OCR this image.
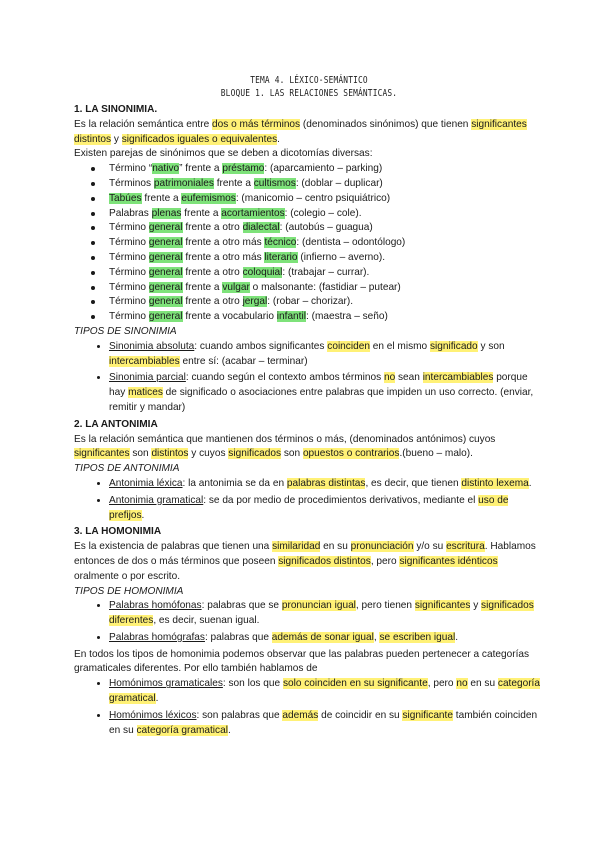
TEMA 4. LÉXICO-SEMÁNTICO
BLOQUE 1. LAS RELACIONES SEMÁNTICAS.

1. LA SINONIMIA.

Es la relación semántica entre dos o más términos (denominados sinónimos) que tienen significantes distintos y significados iguales o equivalentes.

Existen parejas de sinónimos que se deben a dicotomías diversas:

Término “nativo” frente a préstamo: (aparcamiento – parking)
Términos patrimoniales frente a cultismos: (doblar – duplicar)
Tabúes frente a eufemismos: (manicomio – centro psiquiátrico)
Palabras plenas frente a acortamientos: (colegio – cole).
Término general frente a otro dialectal: (autobús – guagua)
Término general frente a otro más técnico: (dentista – odontólogo)
Término general frente a otro más literario (infierno – averno).
Término general frente a otro coloquial: (trabajar – currar).
Término general frente a vulgar o malsonante: (fastidiar – putear)
Término general frente a otro jergal: (robar – chorizar).
Término general frente a vocabulario infantil: (maestra – seño)

TIPOS DE SINONIMIA

• Sinonimia absoluta: cuando ambos significantes coinciden en el mismo significado y son intercambiables entre sí: (acabar – terminar)
• Sinonimia parcial: cuando según el contexto ambos términos no sean intercambiables porque hay matices de significado o asociaciones entre palabras que impiden un uso correcto. (enviar, remitir y mandar)

2. LA ANTONIMIA

Es la relación semántica que mantienen dos términos o más, (denominados antónimos) cuyos significantes son distintos y cuyos significados son opuestos o contrarios.(bueno – malo).

TIPOS DE ANTONIMIA

• Antonimia léxica: la antonimia se da en palabras distintas, es decir, que tienen distinto lexema.
• Antonimia gramatical: se da por medio de procedimientos derivativos, mediante el uso de prefijos.

3. LA HOMONIMIA

Es la existencia de palabras que tienen una similaridad en su pronunciación y/o su escritura. Hablamos entonces de dos o más términos que poseen significados distintos, pero significantes idénticos oralmente o por escrito.

TIPOS DE HOMONIMIA

• Palabras homófonas: palabras que se pronuncian igual, pero tienen significantes y significados diferentes, es decir, suenan igual.
• Palabras homógrafas: palabras que además de sonar igual, se escriben igual.

En todos los tipos de homonimia podemos observar que las palabras pueden pertenecer a categorías gramaticales diferentes. Por ello también hablamos de

• Homónimos gramaticales: son los que solo coinciden en su significante, pero no en su categoría gramatical.
• Homónimos léxicos: son palabras que además de coincidir en su significante también coinciden en su categoría gramatical.
